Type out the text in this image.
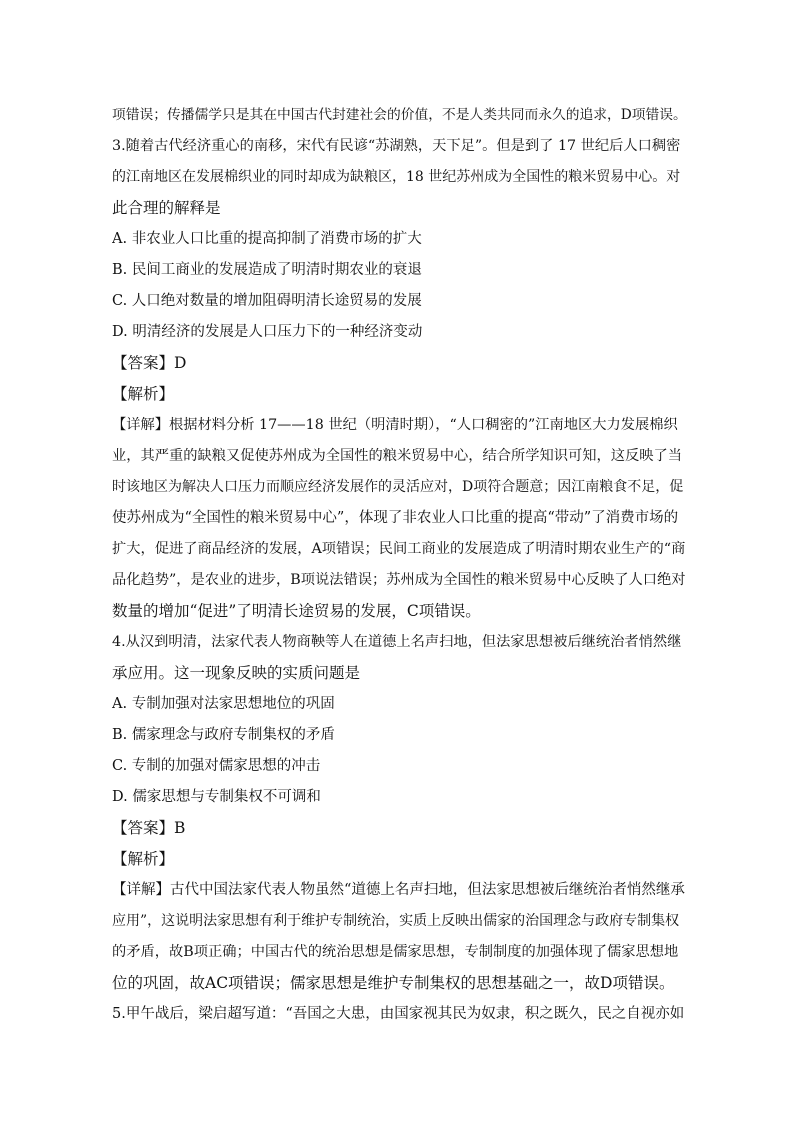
项错误；传播儒学只是其在中国古代封建社会的价值，不是人类共同而永久的追求，D项错误。
3.随着古代经济重心的南移，宋代有民谚“苏湖熟，天下足”。但是到了 17 世纪后人口稠密
的江南地区在发展棉织业的同时却成为缺粮区，18 世纪苏州成为全国性的粮米贸易中心。对
此合理的解释是
A. 非农业人口比重的提高抑制了消费市场的扩大
B. 民间工商业的发展造成了明清时期农业的衰退
C. 人口绝对数量的增加阻碍明清长途贸易的发展
D. 明清经济的发展是人口压力下的一种经济变动
【答案】D
【解析】
【详解】根据材料分析 17——18 世纪（明清时期），“人口稠密的”江南地区大力发展棉织
业，其严重的缺粮又促使苏州成为全国性的粮米贸易中心，结合所学知识可知，这反映了当
时该地区为解决人口压力而顺应经济发展作的灵活应对，D项符合题意；因江南粮食不足，促
使苏州成为“全国性的粮米贸易中心”，体现了非农业人口比重的提高“带动”了消费市场的
扩大，促进了商品经济的发展，A项错误；民间工商业的发展造成了明清时期农业生产的“商
品化趋势”，是农业的进步，B项说法错误；苏州成为全国性的粮米贸易中心反映了人口绝对
数量的增加“促进”了明清长途贸易的发展，C项错误。
4.从汉到明清，法家代表人物商鞅等人在道德上名声扫地，但法家思想被后继统治者悄然继
承应用。这一现象反映的实质问题是
A. 专制加强对法家思想地位的巩固
B. 儒家理念与政府专制集权的矛盾
C. 专制的加强对儒家思想的冲击
D. 儒家思想与专制集权不可调和
【答案】B
【解析】
【详解】古代中国法家代表人物虽然“道德上名声扫地，但法家思想被后继统治者悄然继承
应用”，这说明法家思想有利于维护专制统治，实质上反映出儒家的治国理念与政府专制集权
的矛盾，故B项正确；中国古代的统治思想是儒家思想，专制制度的加强体现了儒家思想地
位的巩固，故AC项错误；儒家思想是维护专制集权的思想基础之一，故D项错误。
5.甲午战后，梁启超写道：“吾国之大患，由国家视其民为奴隶，积之既久，民之自视亦如
